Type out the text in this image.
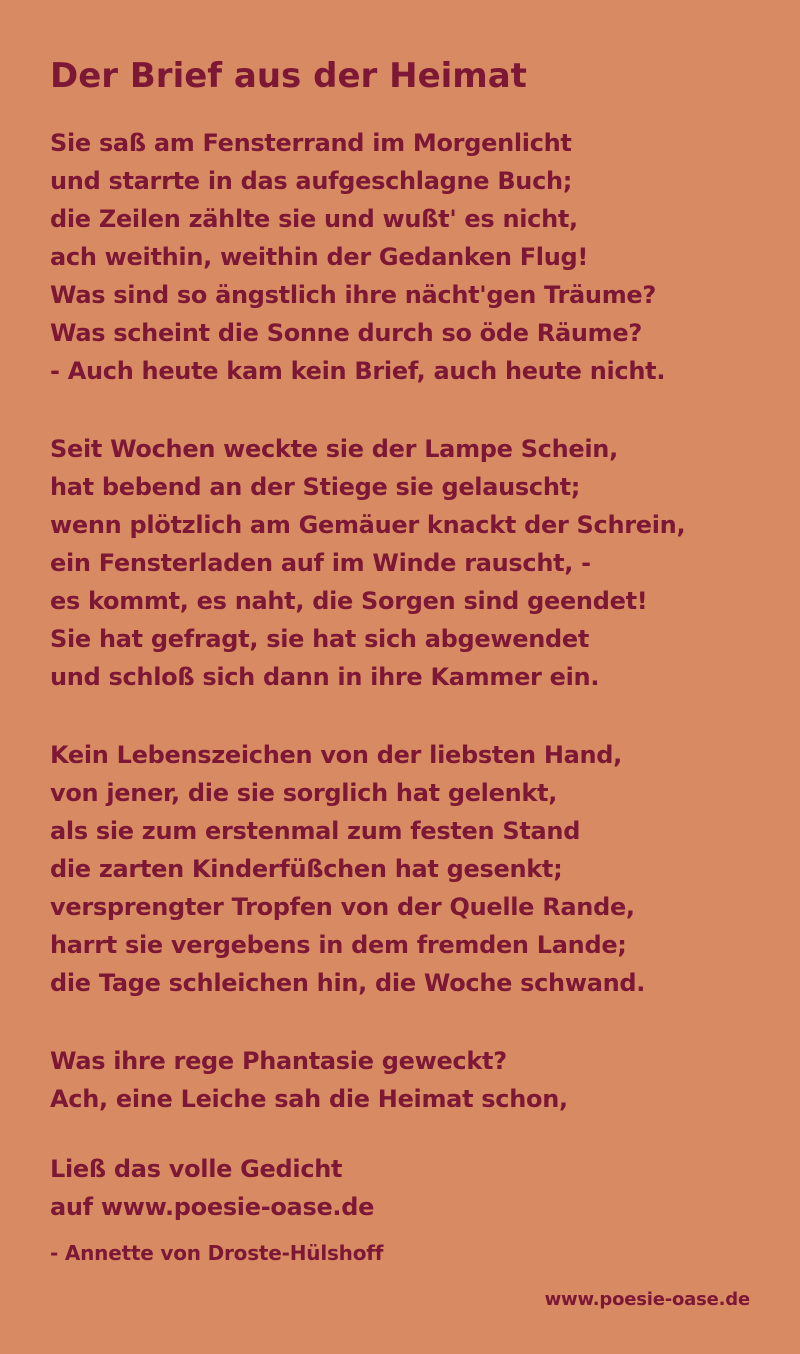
Der Brief aus der Heimat
Sie saß am Fensterrand im Morgenlicht
und starrte in das aufgeschlagne Buch;
die Zeilen zählte sie und wußt' es nicht,
ach weithin, weithin der Gedanken Flug!
Was sind so ängstlich ihre nächt'gen Träume?
Was scheint die Sonne durch so öde Räume?
- Auch heute kam kein Brief, auch heute nicht.
Seit Wochen weckte sie der Lampe Schein,
hat bebend an der Stiege sie gelauscht;
wenn plötzlich am Gemäuer knackt der Schrein,
ein Fensterladen auf im Winde rauscht, -
es kommt, es naht, die Sorgen sind geendet!
Sie hat gefragt, sie hat sich abgewendet
und schloß sich dann in ihre Kammer ein.
Kein Lebenszeichen von der liebsten Hand,
von jener, die sie sorglich hat gelenkt,
als sie zum erstenmal zum festen Stand
die zarten Kinderfüßchen hat gesenkt;
versprengter Tropfen von der Quelle Rande,
harrt sie vergebens in dem fremden Lande;
die Tage schleichen hin, die Woche schwand.
Was ihre rege Phantasie geweckt?
Ach, eine Leiche sah die Heimat schon,
Ließ das volle Gedicht
auf www.poesie-oase.de

- Annette von Droste-Hülshoff

www.poesie-oase.de
